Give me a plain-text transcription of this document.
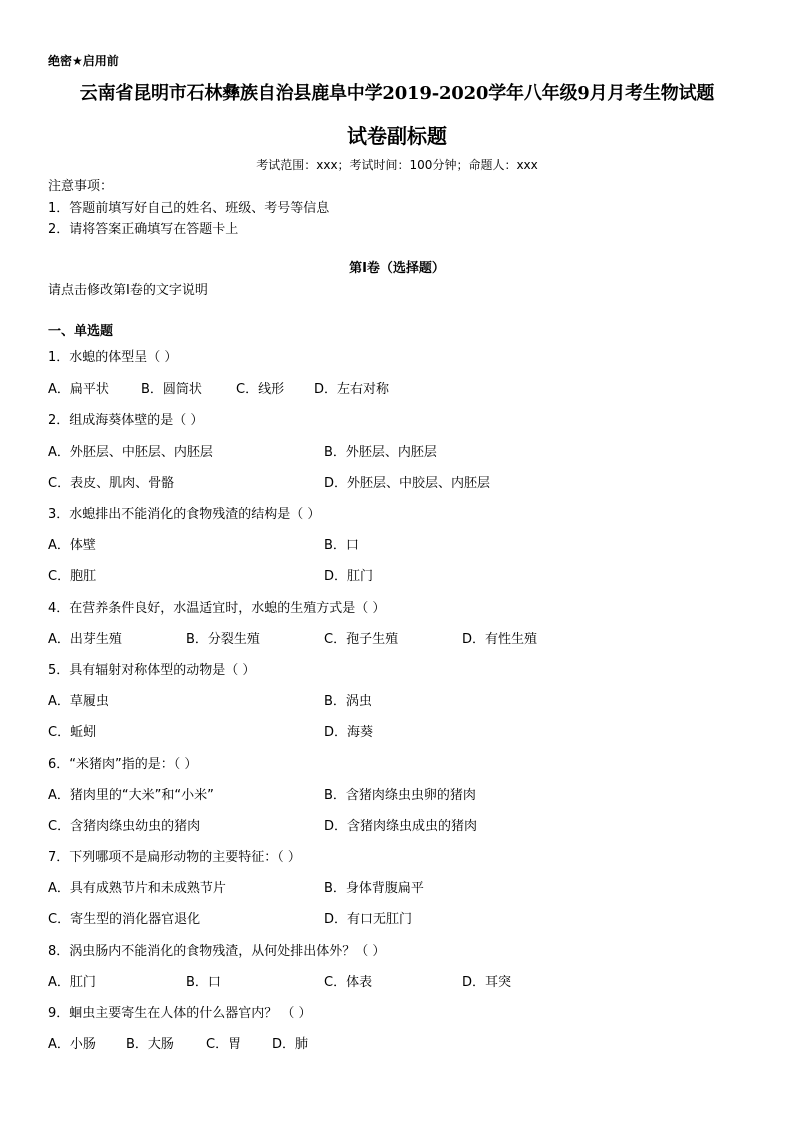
绝密★启用前
云南省昆明市石林彝族自治县鹿阜中学2019-2020学年八年级9月月考生物试题
试卷副标题
考试范围：xxx；考试时间：100分钟；命题人：xxx
注意事项：
1．答题前填写好自己的姓名、班级、考号等信息
2．请将答案正确填写在答题卡上
第I卷（选择题）
请点击修改第I卷的文字说明
一、单选题
1．水螅的体型呈（ ）
A．扁平状 B．圆筒状	C．线形 D．左右对称
2．组成海葵体壁的是（ ）
A．外胚层、中胚层、内胚层	B．外胚层、内胚层
C．表皮、肌肉、骨骼	D．外胚层、中胶层、内胚层
3．水螅排出不能消化的食物残渣的结构是（ ）
A．体壁	B．口
C．胞肛	D．肛门
4．在营养条件良好，水温适宜时，水螅的生殖方式是（ ）
A．出芽生殖	B．分裂生殖	C．孢子生殖	D．有性生殖
5．具有辐射对称体型的动物是（ ）
A．草履虫	B．涡虫
C．蚯蚓	D．海葵
6．“米猪肉”指的是：（ ）
A．猪肉里的“大米”和“小米”	B．含猪肉绦虫虫卵的猪肉
C．含猪肉绦虫幼虫的猪肉	D．含猪肉绦虫成虫的猪肉
7．下列哪项不是扁形动物的主要特征：（ ）
A．具有成熟节片和未成熟节片	B．身体背腹扁平
C．寄生型的消化器官退化	D．有口无肛门
8．涡虫肠内不能消化的食物残渣，从何处排出体外？（ ）
A．肛门	B．口	C．体表	D．耳突
9．蛔虫主要寄生在人体的什么器官内？ （ ）
A．小肠 B．大肠 C．胃 D．肺
